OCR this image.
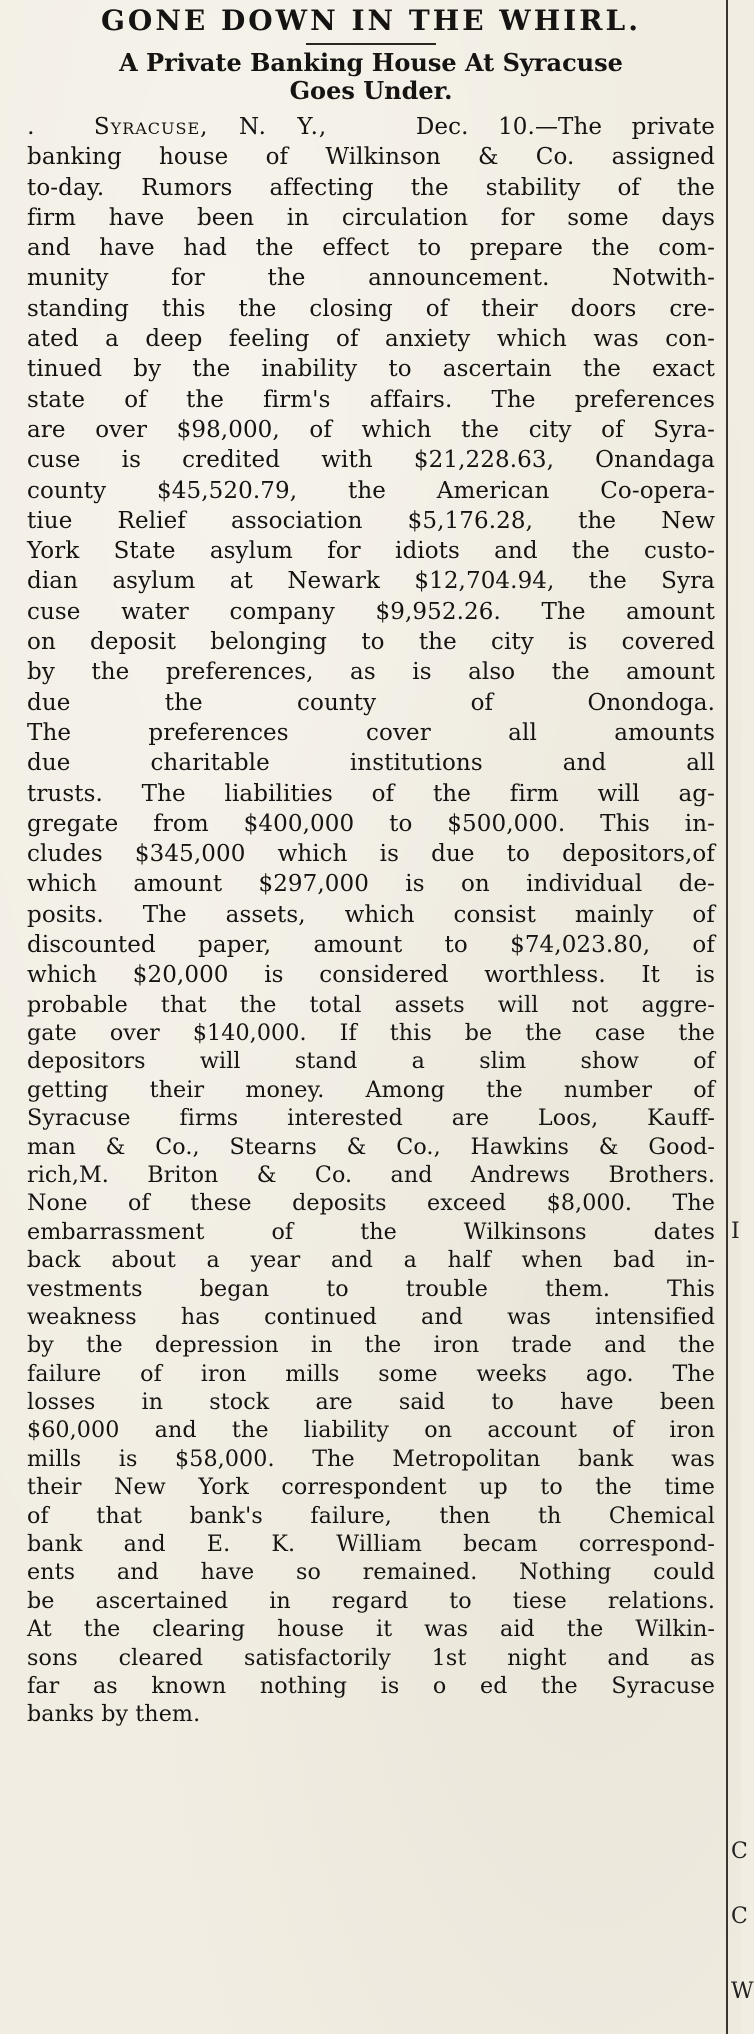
GONE DOWN IN THE WHIRL.
A Private Banking House At Syracuse
Goes Under.
․  Syracuse, N. Y.,	Dec. 10.—The private
banking house of Wilkinson & Co. assigned
to-day. Rumors affecting the stability of the
firm have been in circulation for some days
and have had the effect to prepare the com-
munity for the announcement. Notwith-
standing this the closing of their doors cre-
ated a deep feeling of anxiety which was con-
tinued by the inability to ascertain the exact
state of the firm's affairs. The preferences
are over $98,000, of which the city of Syra-
cuse is credited with $21,228.63, Onandaga
county $45,520.79, the American Co-opera-
tiue Relief association $5,176.28, the New
York State asylum for idiots and the custo-
dian asylum at Newark $12,704.94, the Syra
cuse water company $9,952.26. The amount
on deposit belonging to the city is covered
by the preferences, as is also the amount
due the county of Onondoga.
The preferences cover all amounts
due charitable institutions and all
trusts. The liabilities of the firm will ag-
gregate from $400,000 to $500,000. This in-
cludes $345,000 which is due to depositors,of
which amount $297,000 is on individual de-
posits. The assets, which consist mainly of
discounted paper, amount to $74,023.80, of
which $20,000 is considered worthless. It is
probable that the total assets will not aggre-
gate over $140,000. If this be the case the
depositors will stand a slim show of
getting their money. Among the number of
Syracuse firms interested are Loos, Kauff-
man & Co., Stearns & Co., Hawkins & Good-
rich,M. Briton & Co. and Andrews Brothers.
None of these deposits exceed $8,000. The
embarrassment of the Wilkinsons dates
back about a year and a half when bad in-
vestments began to trouble them. This
weakness has continued and was intensified
by the depression in the iron trade and the
failure of iron mills some weeks ago. The
losses in stock are said to have been
$60,000 and the liability on account of iron
mills is $58,000. The Metropolitan bank was
their New York correspondent up to the time
of that bank's failure, then th Chemical
bank and E. K. William becam correspond-
ents and have so remained. Nothing could
be ascertained in regard to tiese relations.
At the clearing house it was aid the Wilkin-
sons cleared satisfactorily 1st night and as
far as known nothing is o ed the Syracuse
banks by them.
I
C
C
W
